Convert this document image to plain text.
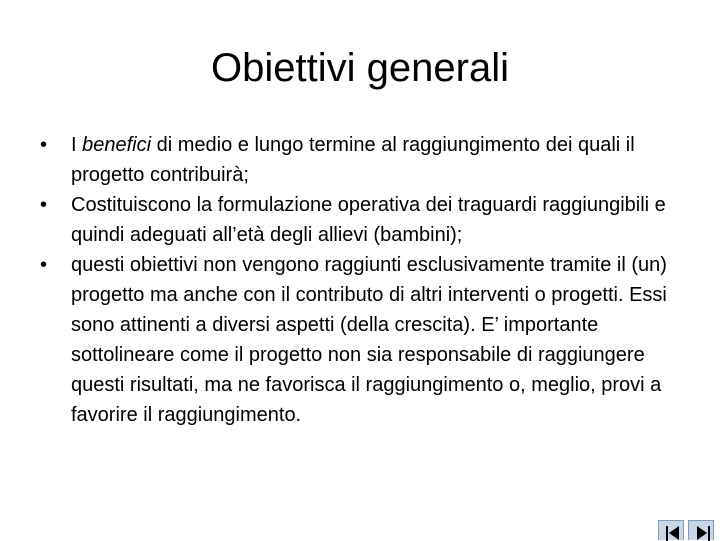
Obiettivi generali
•	I benefici di medio e lungo termine al raggiungimento dei quali il progetto contribuirà;
•	Costituiscono la formulazione operativa dei traguardi raggiungibili e quindi adeguati all’età degli allievi (bambini);
•	questi obiettivi non vengono raggiunti esclusivamente tramite il (un) progetto ma anche con il contributo di altri interventi o progetti. Essi sono attinenti a diversi aspetti (della crescita). E’ importante sottolineare come il progetto non sia responsabile di raggiungere questi risultati, ma ne favorisca il raggiungimento o, meglio, provi a favorire il raggiungimento.
